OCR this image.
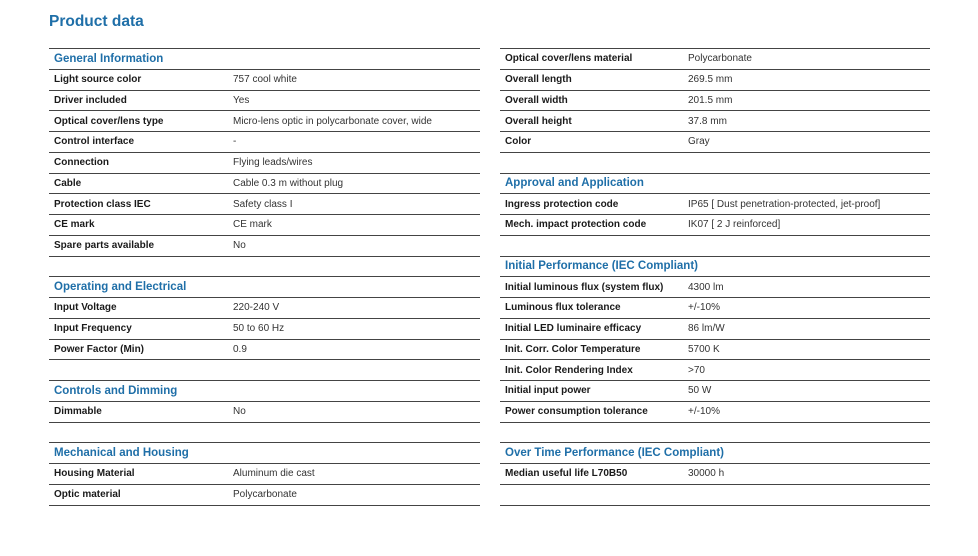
Product data
General Information
Light source color	757 cool white
Driver included	Yes
Optical cover/lens type	Micro-lens optic in polycarbonate cover, wide
Control interface	-
Connection	Flying leads/wires
Cable	Cable 0.3 m without plug
Protection class IEC	Safety class I
CE mark	CE mark
Spare parts available	No
Operating and Electrical
Input Voltage	220-240 V
Input Frequency	50 to 60 Hz
Power Factor (Min)	0.9
Controls and Dimming
Dimmable	No
Mechanical and Housing
Housing Material	Aluminum die cast
Optic material	Polycarbonate
Optical cover/lens material	Polycarbonate
Overall length	269.5 mm
Overall width	201.5 mm
Overall height	37.8 mm
Color	Gray
Approval and Application
Ingress protection code	IP65 [ Dust penetration-protected, jet-proof]
Mech. impact protection code	IK07 [ 2 J reinforced]
Initial Performance (IEC Compliant)
Initial luminous flux (system flux)	4300 lm
Luminous flux tolerance	+/-10%
Initial LED luminaire efficacy	86 lm/W
Init. Corr. Color Temperature	5700 K
Init. Color Rendering Index	>70
Initial input power	50 W
Power consumption tolerance	+/-10%
Over Time Performance (IEC Compliant)
Median useful life L70B50	30000 h
